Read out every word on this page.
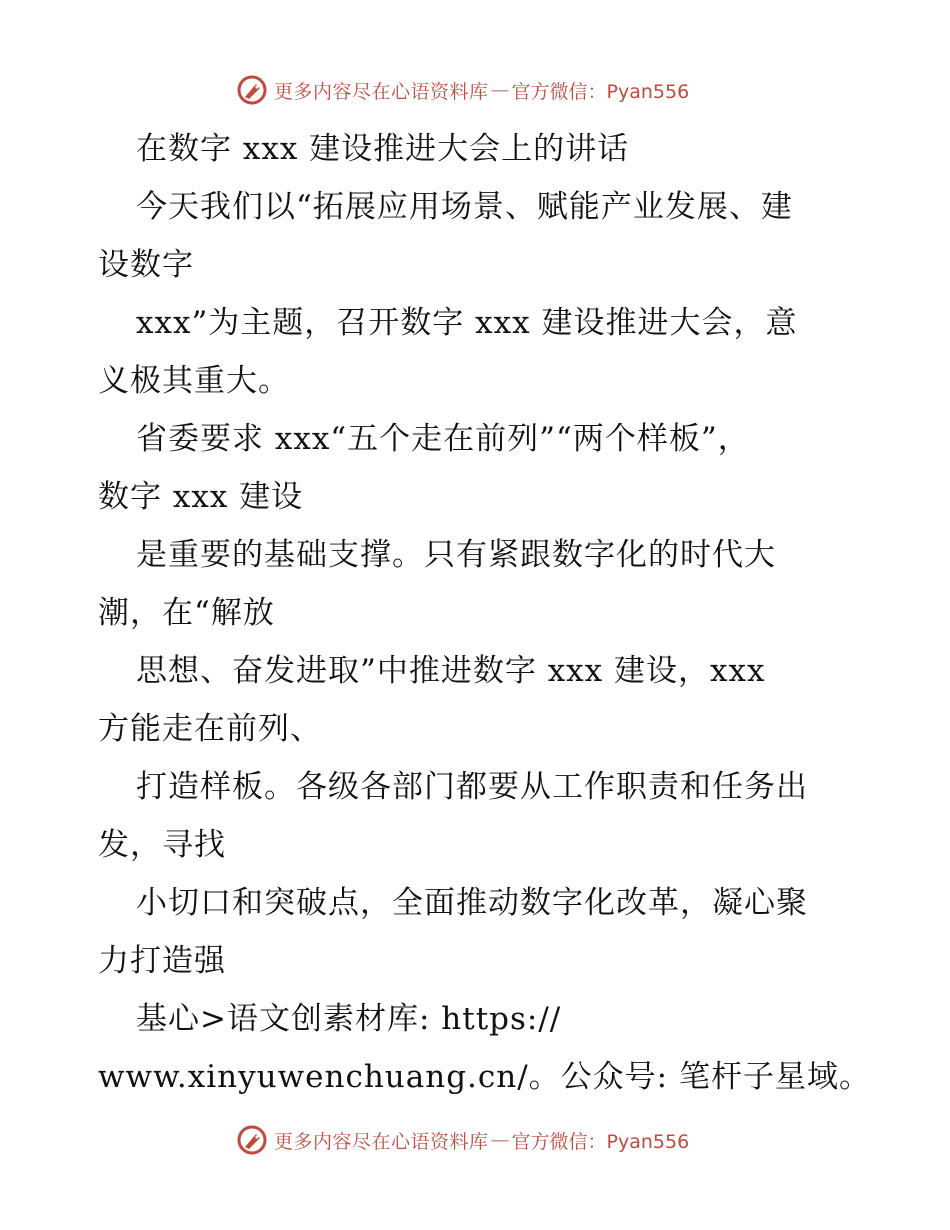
更多内容尽在心语资料库 — 官方微信：Pyan556
在数字 xxx 建设推进大会上的讲话
今天我们以“拓展应用场景、赋能产业发展、建
设数字
xxx”为主题，召开数字 xxx 建设推进大会，意
义极其重大。
省委要求 xxx“五个走在前列”“两个样板”，
数字 xxx 建设
是重要的基础支撑。只有紧跟数字化的时代大
潮，在“解放
思想、奋发进取”中推进数字 xxx 建设，xxx
方能走在前列、
打造样板。各级各部门都要从工作职责和任务出
发，寻找
小切口和突破点，全面推动数字化改革，凝心聚
力打造强
基心>语文创素材库: https://
www.xinyuwenchuang.cn/。公众号: 笔杆子星域。
更多内容尽在心语资料库 — 官方微信：Pyan556
